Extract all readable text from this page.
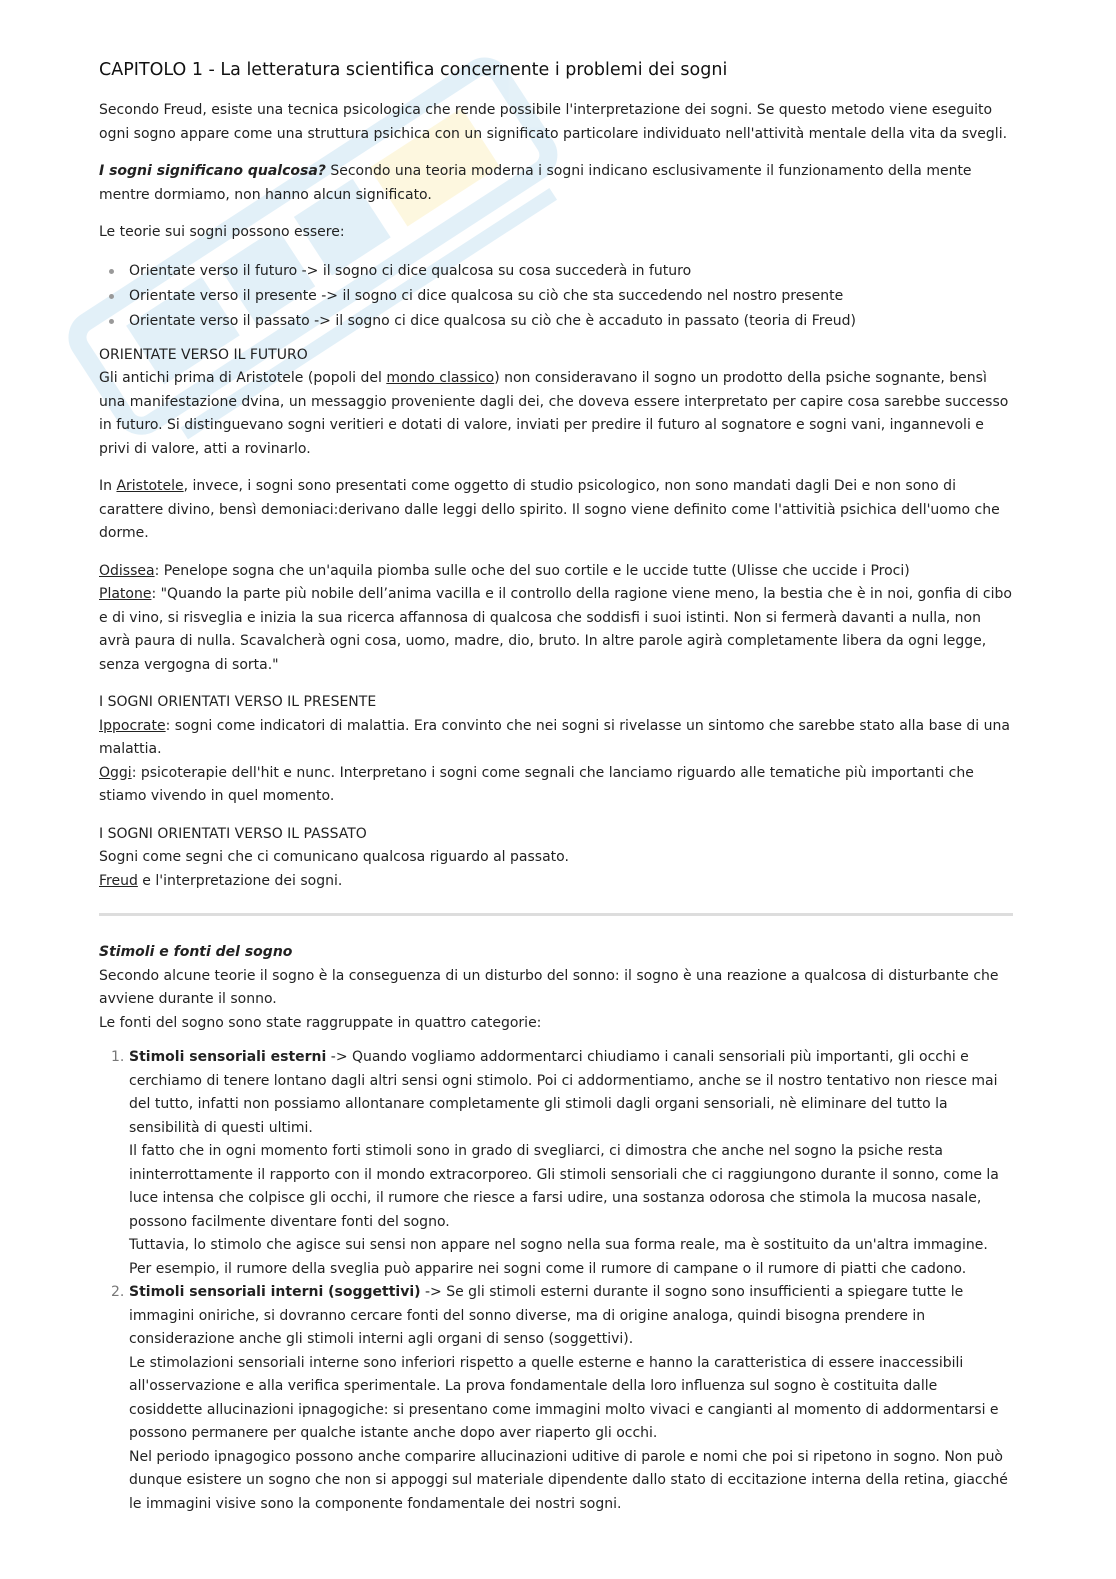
CAPITOLO 1 - La letteratura scientifica concernente i problemi dei sogni

Secondo Freud, esiste una tecnica psicologica che rende possibile l'interpretazione dei sogni. Se questo metodo viene eseguito ogni sogno appare come una struttura psichica con un significato particolare individuato nell'attività mentale della vita da svegli.

I sogni significano qualcosa? Secondo una teoria moderna i sogni indicano esclusivamente il funzionamento della mente mentre dormiamo, non hanno alcun significato.

Le teorie sui sogni possono essere:

Orientate verso il futuro -> il sogno ci dice qualcosa su cosa succederà in futuro
Orientate verso il presente -> il sogno ci dice qualcosa su ciò che sta succedendo nel nostro presente
Orientate verso il passato -> il sogno ci dice qualcosa su ciò che è accaduto in passato (teoria di Freud)

ORIENTATE VERSO IL FUTURO
Gli antichi prima di Aristotele (popoli del mondo classico) non consideravano il sogno un prodotto della psiche sognante, bensì una manifestazione dvina, un messaggio proveniente dagli dei, che doveva essere interpretato per capire cosa sarebbe successo in futuro. Si distinguevano sogni veritieri e dotati di valore, inviati per predire il futuro al sognatore e sogni vani, ingannevoli e privi di valore, atti a rovinarlo.

In Aristotele, invece, i sogni sono presentati come oggetto di studio psicologico, non sono mandati dagli Dei e non sono di carattere divino, bensì demoniaci:derivano dalle leggi dello spirito. Il sogno viene definito come l'attivitià psichica dell'uomo che dorme.

Odissea: Penelope sogna che un'aquila piomba sulle oche del suo cortile e le uccide tutte (Ulisse che uccide i Proci)
Platone: "Quando la parte più nobile dell’anima vacilla e il controllo della ragione viene meno, la bestia che è in noi, gonfia di cibo e di vino, si risveglia e inizia la sua ricerca affannosa di qualcosa che soddisfi i suoi istinti. Non si fermerà davanti a nulla, non avrà paura di nulla. Scavalcherà ogni cosa, uomo, madre, dio, bruto. In altre parole agirà completamente libera da ogni legge, senza vergogna di sorta."

I SOGNI ORIENTATI VERSO IL PRESENTE
Ippocrate: sogni come indicatori di malattia. Era convinto che nei sogni si rivelasse un sintomo che sarebbe stato alla base di una malattia.
Oggi: psicoterapie dell'hit e nunc. Interpretano i sogni come segnali che lanciamo riguardo alle tematiche più importanti che stiamo vivendo in quel momento.

I SOGNI ORIENTATI VERSO IL PASSATO
Sogni come segni che ci comunicano qualcosa riguardo al passato.
Freud e l'interpretazione dei sogni.

Stimoli e fonti del sogno
Secondo alcune teorie il sogno è la conseguenza di un disturbo del sonno: il sogno è una reazione a qualcosa di disturbante che avviene durante il sonno.
Le fonti del sogno sono state raggruppate in quattro categorie:
Stimoli sensoriali esterni -> Quando vogliamo addormentarci chiudiamo i canali sensoriali più importanti, gli occhi e cerchiamo di tenere lontano dagli altri sensi ogni stimolo. Poi ci addormentiamo, anche se il nostro tentativo non riesce mai del tutto, infatti non possiamo allontanare completamente gli stimoli dagli organi sensoriali, nè eliminare del tutto la sensibilità di questi ultimi.
Il fatto che in ogni momento forti stimoli sono in grado di svegliarci, ci dimostra che anche nel sogno la psiche resta ininterrottamente il rapporto con il mondo extracorporeo. Gli stimoli sensoriali che ci raggiungono durante il sonno, come la luce intensa che colpisce gli occhi, il rumore che riesce a farsi udire, una sostanza odorosa che stimola la mucosa nasale, possono facilmente diventare fonti del sogno.
Tuttavia, lo stimolo che agisce sui sensi non appare nel sogno nella sua forma reale, ma è sostituito da un'altra immagine. Per esempio, il rumore della sveglia può apparire nei sogni come il rumore di campane o il rumore di piatti che cadono.
Stimoli sensoriali interni (soggettivi) -> Se gli stimoli esterni durante il sogno sono insufficienti a spiegare tutte le immagini oniriche, si dovranno cercare fonti del sonno diverse, ma di origine analoga, quindi bisogna prendere in considerazione anche gli stimoli interni agli organi di senso (soggettivi).
Le stimolazioni sensoriali interne sono inferiori rispetto a quelle esterne e hanno la caratteristica di essere inaccessibili all'osservazione e alla verifica sperimentale. La prova fondamentale della loro influenza sul sogno è costituita dalle cosiddette allucinazioni ipnagogiche: si presentano come immagini molto vivaci e cangianti al momento di addormentarsi e possono permanere per qualche istante anche dopo aver riaperto gli occhi.
Nel periodo ipnagogico possono anche comparire allucinazioni uditive di parole e nomi che poi si ripetono in sogno. Non può dunque esistere un sogno che non si appoggi sul materiale dipendente dallo stato di eccitazione interna della retina, giacché le immagini visive sono la componente fondamentale dei nostri sogni.
